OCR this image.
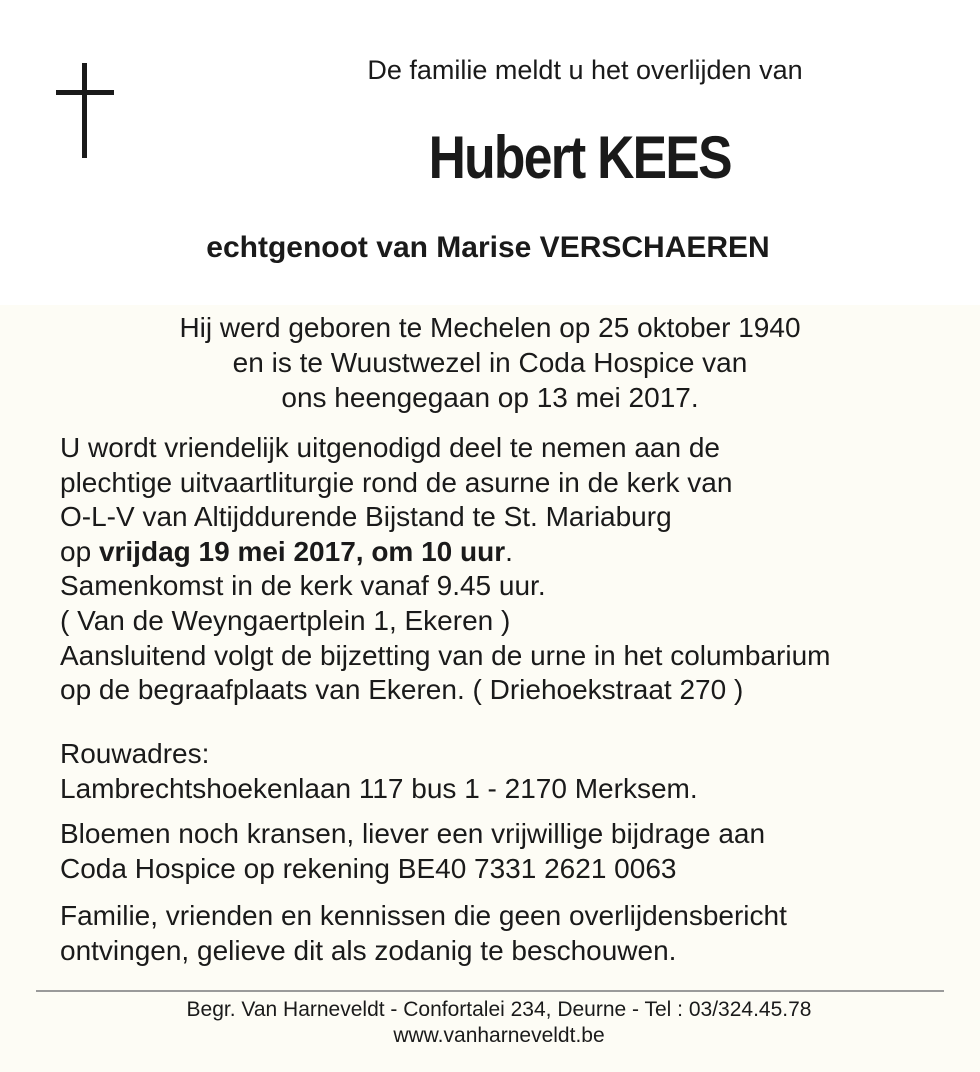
De familie meldt u het overlijden van
Hubert KEES
echtgenoot van Marise VERSCHAEREN
Hij werd geboren te Mechelen op 25 oktober 1940
en is te Wuustwezel in Coda Hospice van
ons heengegaan op 13 mei 2017.
U wordt vriendelijk uitgenodigd deel te nemen aan de
plechtige uitvaartliturgie rond de asurne in de kerk van
O-L-V van Altijddurende Bijstand te St. Mariaburg
op vrijdag 19 mei 2017, om 10 uur.
Samenkomst in de kerk vanaf 9.45 uur.
( Van de Weyngaertplein 1, Ekeren )
Aansluitend volgt de bijzetting van de urne in het columbarium
op de begraafplaats van Ekeren. ( Driehoekstraat 270 )
Rouwadres:
Lambrechtshoekenlaan 117 bus 1 - 2170 Merksem.
Bloemen noch kransen, liever een vrijwillige bijdrage aan
Coda Hospice op rekening BE40 7331 2621 0063
Familie, vrienden en kennissen die geen overlijdensbericht
ontvingen, gelieve dit als zodanig te beschouwen.
Begr. Van Harneveldt - Confortalei 234, Deurne - Tel : 03/324.45.78
www.vanharneveldt.be
